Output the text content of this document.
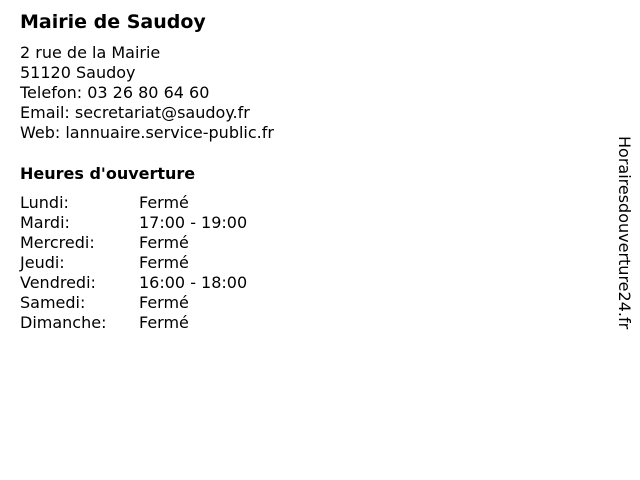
Mairie de Saudoy
2 rue de la Mairie
51120 Saudoy
Telefon: 03 26 80 64 60
Email: secretariat@saudoy.fr
Web: lannuaire.service-public.fr
Heures d'ouverture
Lundi:	Fermé
Mardi:	17:00 - 19:00
Mercredi:	Fermé
Jeudi:	Fermé
Vendredi:	16:00 - 18:00
Samedi:	Fermé
Dimanche: Fermé	Horairesdouverture24.fr
